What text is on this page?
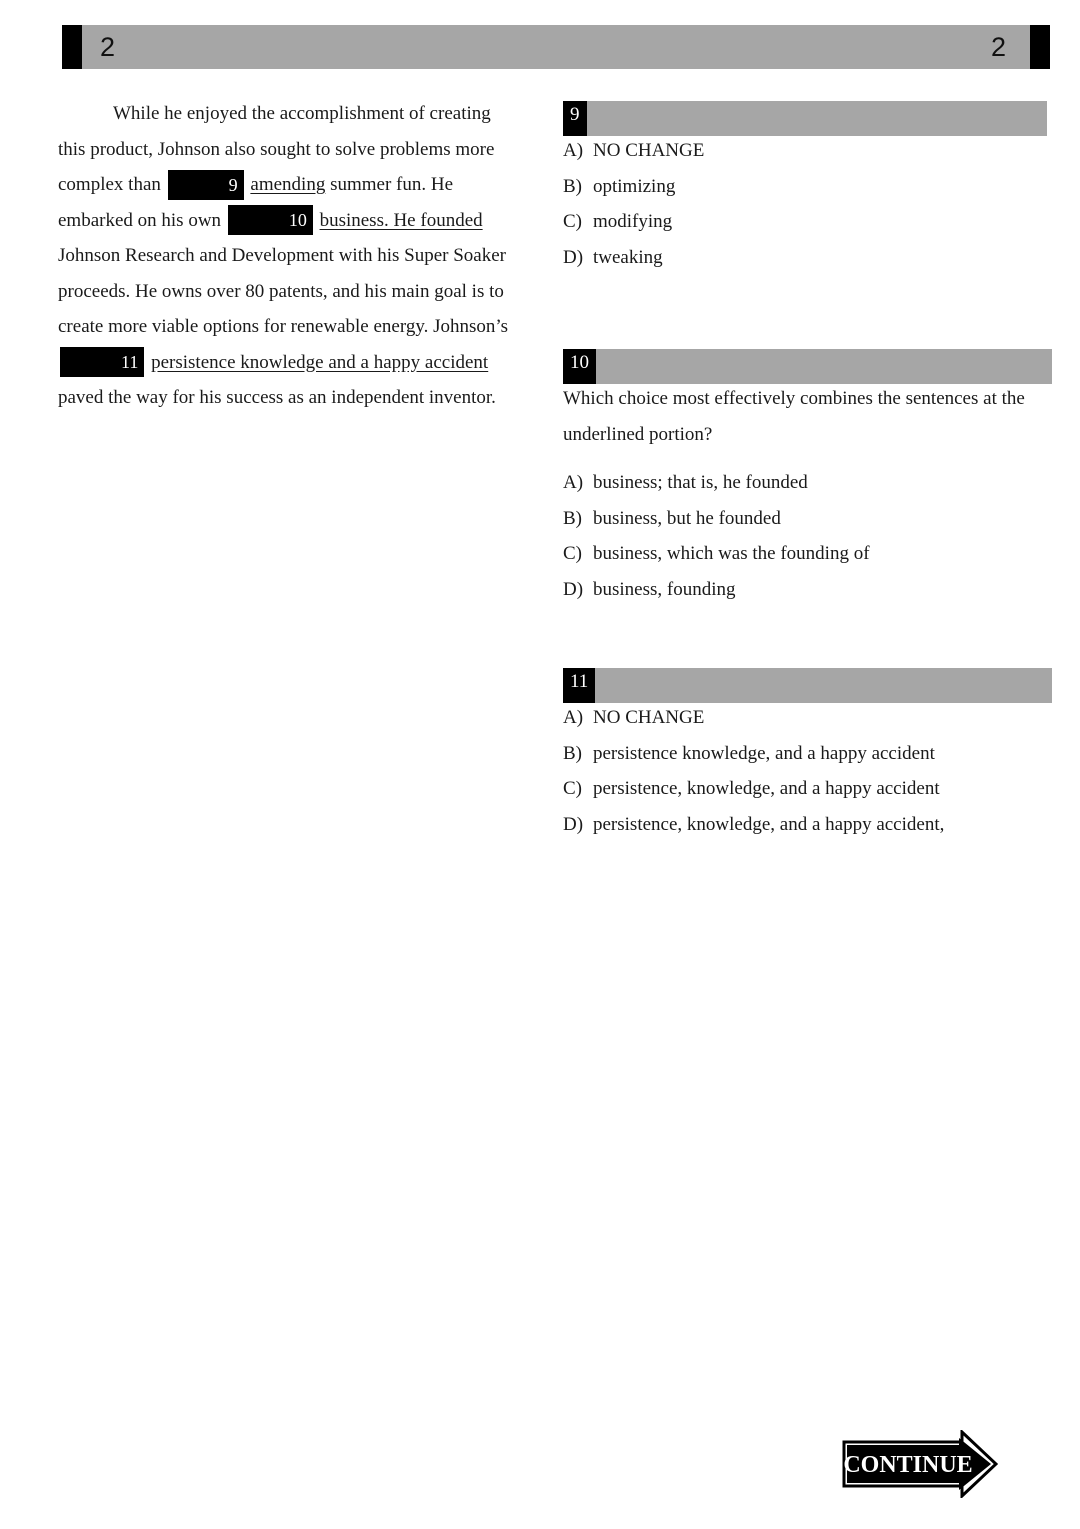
2	2

While he enjoyed the accomplishment of creating this product, Johnson also sought to solve problems more complex than	9 amending summer fun. He embarked on his own	10 business. He founded Johnson Research and Development with his Super Soaker proceeds. He owns over 80 patents, and his main goal is to create more viable options for renewable energy. Johnson’s 11 persistence knowledge and a happy accident paved the way for his success as an independent inventor.

9
A) NO CHANGE
B) optimizing
C) modifying
D) tweaking
10
Which choice most effectively combines the sentences at the underlined portion?
A) business; that is, he founded
B) business, but he founded
C) business, which was the founding of
D) business, founding
11
A) NO CHANGE
B) persistence knowledge, and a happy accident
C) persistence, knowledge, and a happy accident
D) persistence, knowledge, and a happy accident,
CONTINUE
